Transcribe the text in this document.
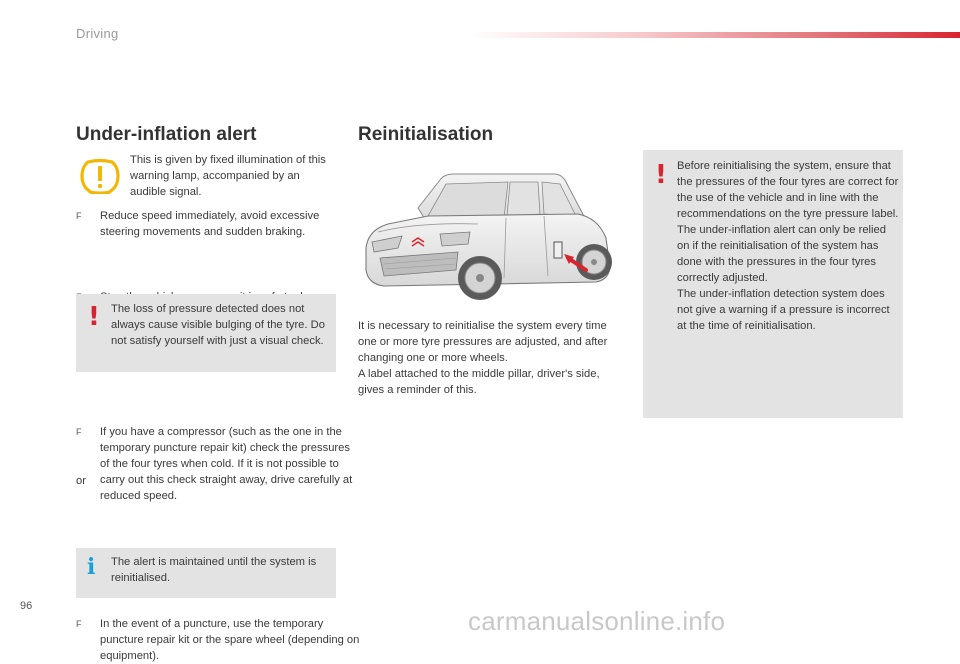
Driving
Under-inflation alert
This is given by fixed illumination of this warning lamp, accompanied by an audible signal.
F Reduce speed immediately, avoid excessive steering movements and sudden braking.
! The loss of pressure detected does not always cause visible bulging of the tyre. Do not satisfy yourself with just a visual check.
F If you have a compressor (such as the one in the temporary puncture repair kit) check the pressures of the four tyres when cold. If it is not possible to carry out this check straight away, drive carefully at reduced speed.
or
F In the event of a puncture, use the temporary puncture repair kit or the spare wheel (depending on equipment).
i The alert is maintained until the system is reinitialised.
Reinitialisation
It is necessary to reinitialise the system every time one or more tyre pressures are adjusted, and after changing one or more wheels.
A label attached to the middle pillar, driver's side, gives a reminder of this.
! Before reinitialising the system, ensure that the pressures of the four tyres are correct for the use of the vehicle and in line with the recommendations on the tyre pressure label.
The under-inflation alert can only be relied on if the reinitialisation of the system has done with the pressures in the four tyres correctly adjusted.
The under-inflation detection system does not give a warning if a pressure is incorrect at the time of reinitialisation.
96	carmanualsonline.info
